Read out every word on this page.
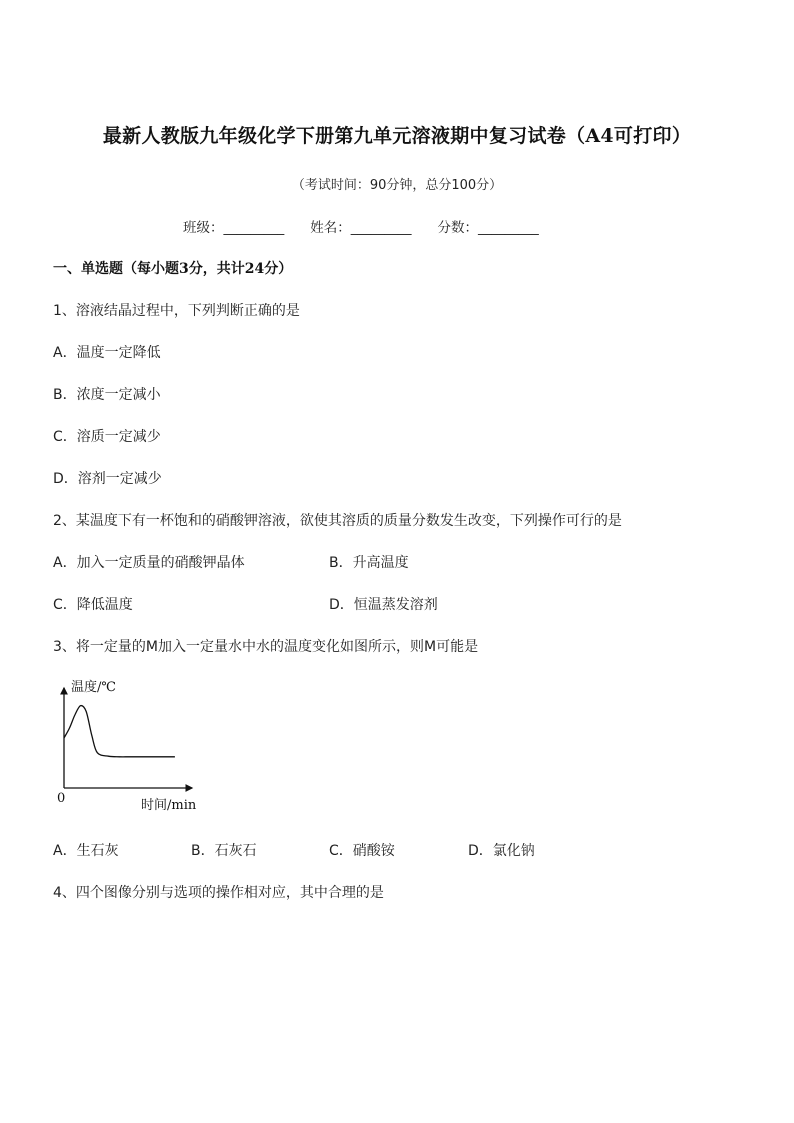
最新人教版九年级化学下册第九单元溶液期中复习试卷（A4可打印）
（考试时间：90分钟，总分100分）
班级：_________ 姓名：_________ 分数：_________
一、单选题（每小题3分，共计24分）
1、溶液结晶过程中，下列判断正确的是
A．温度一定降低
B．浓度一定减小
C．溶质一定减少
D．溶剂一定减少
2、某温度下有一杯饱和的硝酸钾溶液，欲使其溶质的质量分数发生改变，下列操作可行的是
A．加入一定质量的硝酸钾晶体	B．升高温度
C．降低温度	D．恒温蒸发溶剂
3、将一定量的M加入一定量水中水的温度变化如图所示，则M可能是
温度/℃
0	时间/min
A．生石灰	B．石灰石	C．硝酸铵	D．氯化钠
4、四个图像分别与选项的操作相对应，其中合理的是
